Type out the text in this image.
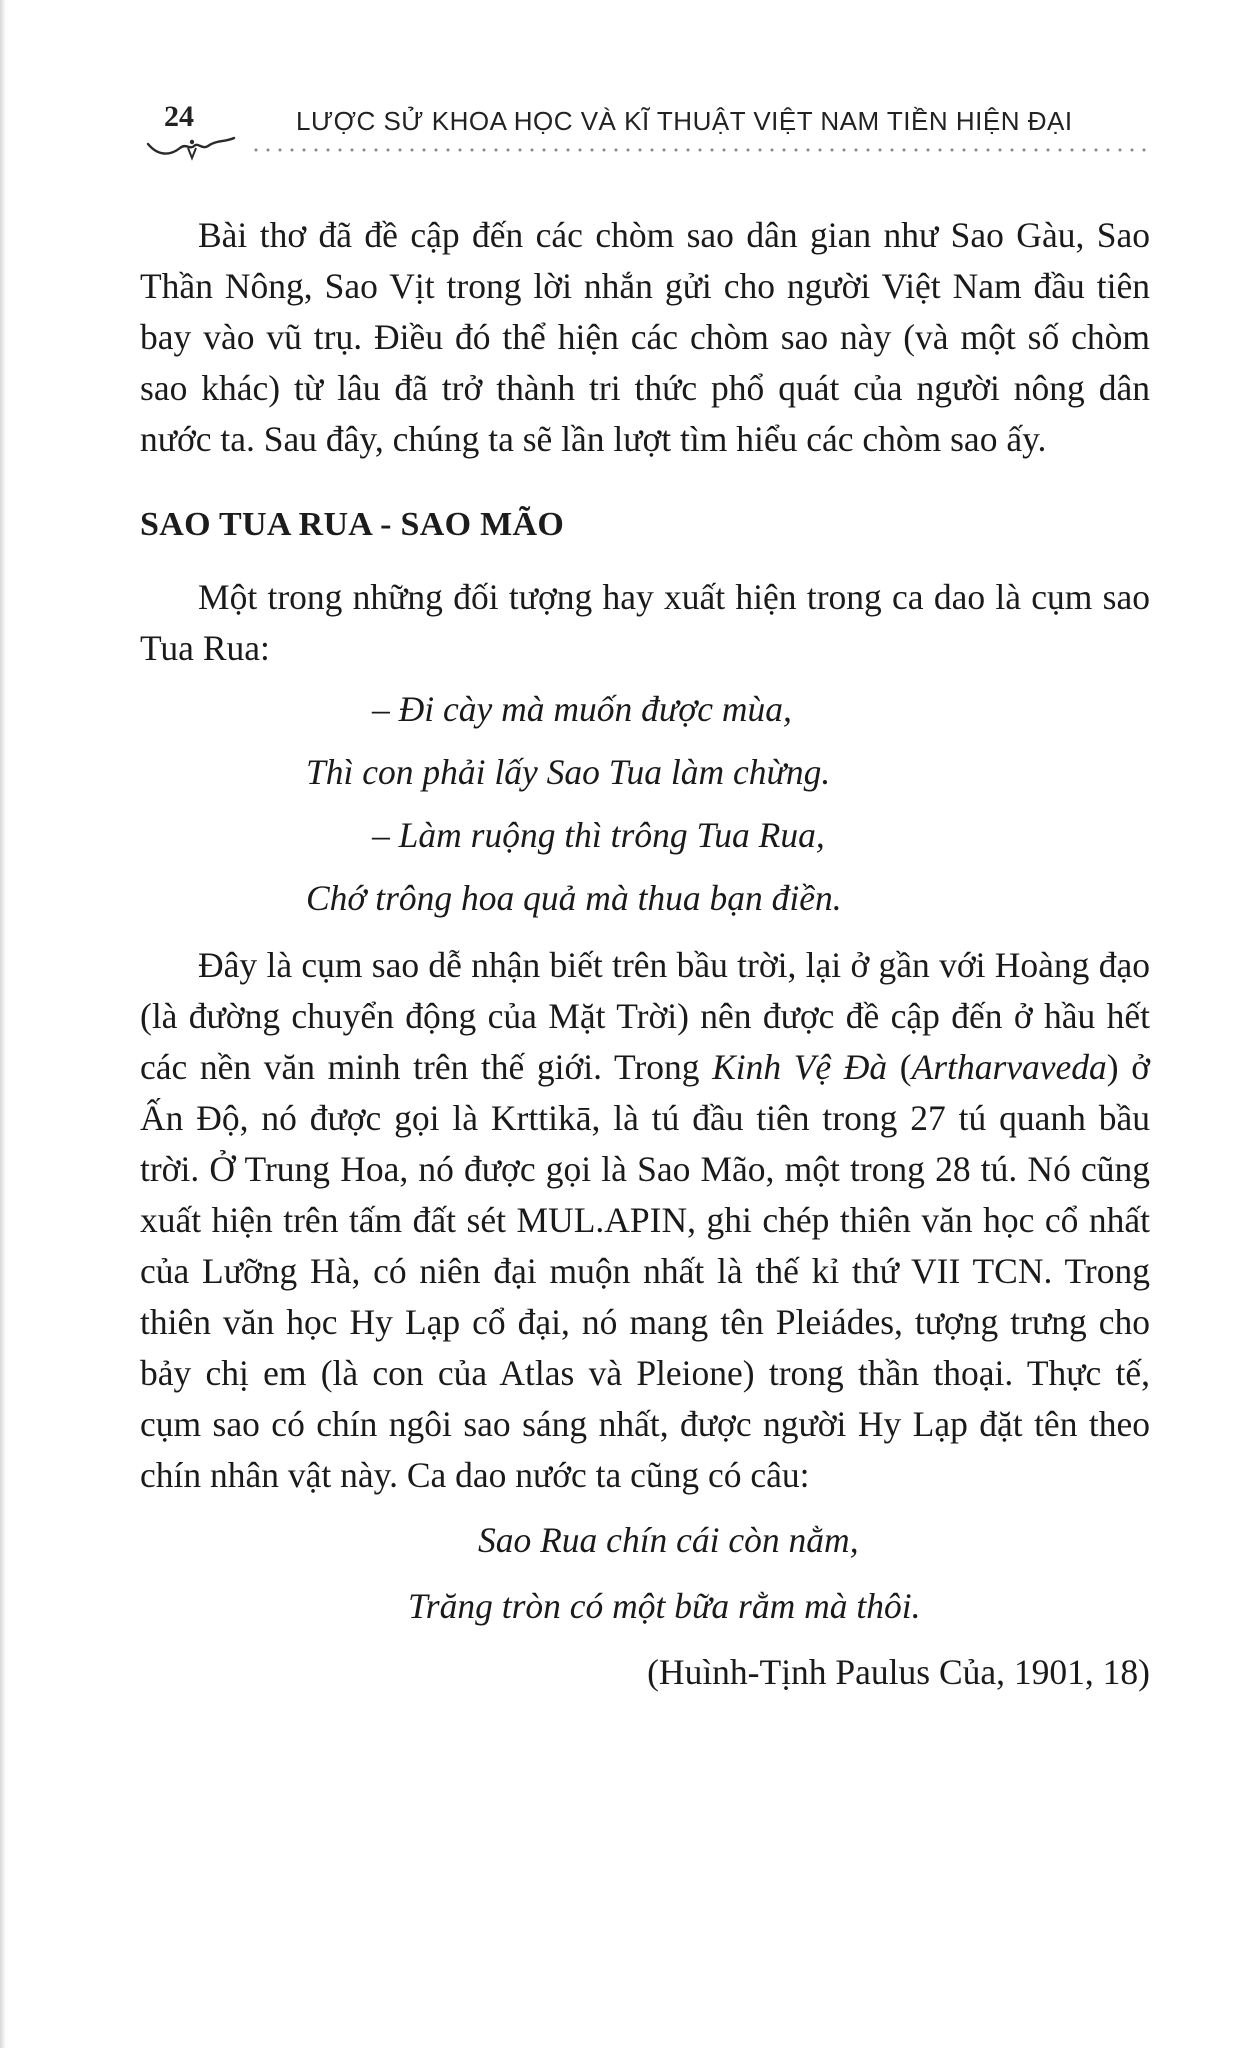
24	LƯỢC SỬ KHOA HỌC VÀ KĨ THUẬT VIỆT NAM TIỀN HIỆN ĐẠI

Bài thơ đã đề cập đến các chòm sao dân gian như Sao Gàu, Sao Thần Nông, Sao Vịt trong lời nhắn gửi cho người Việt Nam đầu tiên bay vào vũ trụ. Điều đó thể hiện các chòm sao này (và một số chòm sao khác) từ lâu đã trở thành tri thức phổ quát của người nông dân nước ta. Sau đây, chúng ta sẽ lần lượt tìm hiểu các chòm sao ấy.

SAO TUA RUA - SAO MÃO

Một trong những đối tượng hay xuất hiện trong ca dao là cụm sao Tua Rua:

– Đi cày mà muốn được mùa,

Thì con phải lấy Sao Tua làm chừng.

– Làm ruộng thì trông Tua Rua,

Chớ trông hoa quả mà thua bạn điền.

Đây là cụm sao dễ nhận biết trên bầu trời, lại ở gần với Hoàng đạo (là đường chuyển động của Mặt Trời) nên được đề cập đến ở hầu hết các nền văn minh trên thế giới. Trong Kinh Vệ Đà (Artharvaveda) ở Ấn Độ, nó được gọi là Krttikā, là tú đầu tiên trong 27 tú quanh bầu trời. Ở Trung Hoa, nó được gọi là Sao Mão, một trong 28 tú. Nó cũng xuất hiện trên tấm đất sét MUL.APIN, ghi chép thiên văn học cổ nhất của Lưỡng Hà, có niên đại muộn nhất là thế kỉ thứ VII TCN. Trong thiên văn học Hy Lạp cổ đại, nó mang tên Pleiádes, tượng trưng cho bảy chị em (là con của Atlas và Pleione) trong thần thoại. Thực tế, cụm sao có chín ngôi sao sáng nhất, được người Hy Lạp đặt tên theo chín nhân vật này. Ca dao nước ta cũng có câu:

Sao Rua chín cái còn nằm,

Trăng tròn có một bữa rằm mà thôi.

(Huình-Tịnh Paulus Của, 1901, 18)
